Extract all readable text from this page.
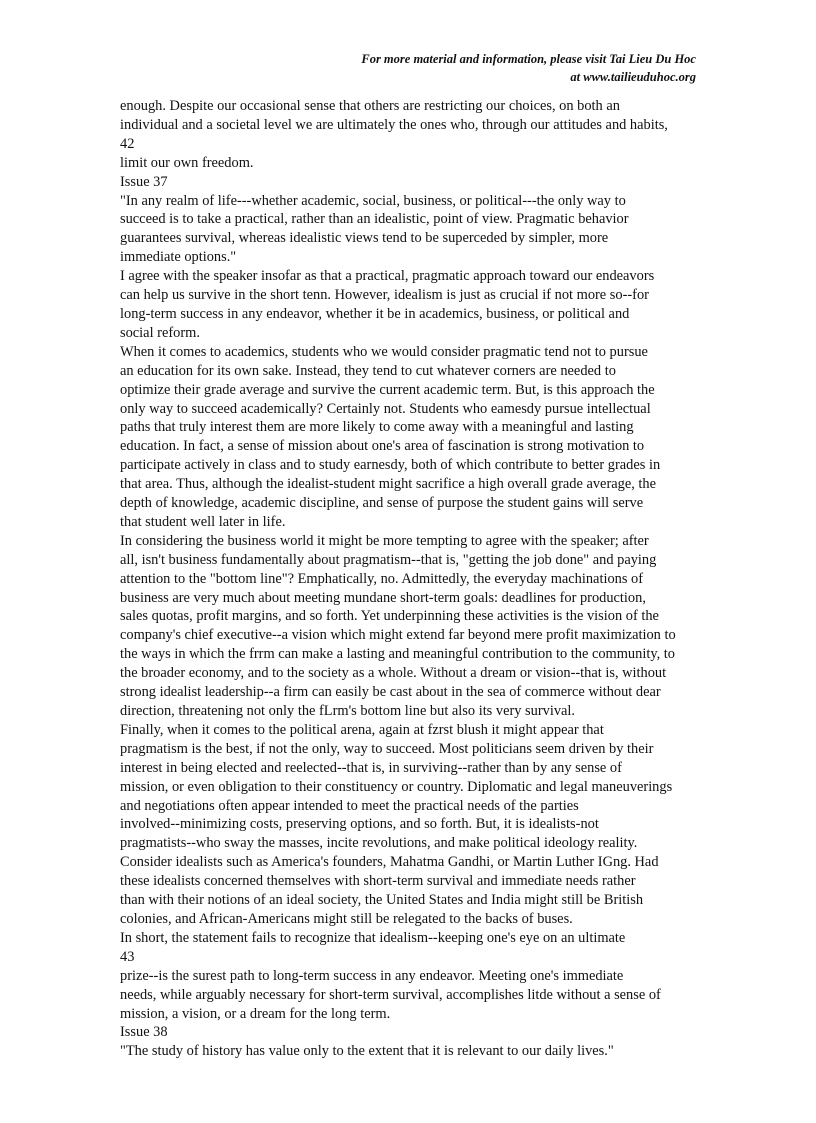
For more material and information, please visit Tai Lieu Du Hoc
at www.tailieuduhoc.org
enough. Despite our occasional sense that others are restricting our choices, on both an
individual and a societal level we are ultimately the ones who, through our attitudes and habits,
42
limit our own freedom.
Issue 37
"In any realm of life---whether academic, social, business, or political---the only way to
succeed is to take a practical, rather than an idealistic, point of view. Pragmatic behavior
guarantees survival, whereas idealistic views tend to be superceded by simpler, more
immediate options."
I agree with the speaker insofar as that a practical, pragmatic approach toward our endeavors
can help us survive in the short tenn. However, idealism is just as crucial if not more so--for
long-term success in any endeavor, whether it be in academics, business, or political and
social reform.
When it comes to academics, students who we would consider pragmatic tend not to pursue
an education for its own sake. Instead, they tend to cut whatever corners are needed to
optimize their grade average and survive the current academic term. But, is this approach the
only way to succeed academically? Certainly not. Students who eamesdy pursue intellectual
paths that truly interest them are more likely to come away with a meaningful and lasting
education. In fact, a sense of mission about one's area of fascination is strong motivation to
participate actively in class and to study earnesdy, both of which contribute to better grades in
that area. Thus, although the idealist-student might sacrifice a high overall grade average, the
depth of knowledge, academic discipline, and sense of purpose the student gains will serve
that student well later in life.
In considering the business world it might be more tempting to agree with the speaker; after
all, isn't business fundamentally about pragmatism--that is, "getting the job done" and paying
attention to the "bottom line"? Emphatically, no. Admittedly, the everyday machinations of
business are very much about meeting mundane short-term goals: deadlines for production,
sales quotas, profit margins, and so forth. Yet underpinning these activities is the vision of the
company's chief executive--a vision which might extend far beyond mere profit maximization to
the ways in which the frrm can make a lasting and meaningful contribution to the community, to
the broader economy, and to the society as a whole. Without a dream or vision--that is, without
strong idealist leadership--a firm can easily be cast about in the sea of commerce without dear
direction, threatening not only the fLrm's bottom line but also its very survival.
Finally, when it comes to the political arena, again at fzrst blush it might appear that
pragmatism is the best, if not the only, way to succeed. Most politicians seem driven by their
interest in being elected and reelected--that is, in surviving--rather than by any sense of
mission, or even obligation to their constituency or country. Diplomatic and legal maneuverings
and negotiations often appear intended to meet the practical needs of the parties
involved--minimizing costs, preserving options, and so forth. But, it is idealists-not
pragmatists--who sway the masses, incite revolutions, and make political ideology reality.
Consider idealists such as America's founders, Mahatma Gandhi, or Martin Luther IGng. Had
these idealists concerned themselves with short-term survival and immediate needs rather
than with their notions of an ideal society, the United States and India might still be British
colonies, and African-Americans might still be relegated to the backs of buses.
In short, the statement fails to recognize that idealism--keeping one's eye on an ultimate
43
prize--is the surest path to long-term success in any endeavor. Meeting one's immediate
needs, while arguably necessary for short-term survival, accomplishes litde without a sense of
mission, a vision, or a dream for the long term.
Issue 38
"The study of history has value only to the extent that it is relevant to our daily lives."
